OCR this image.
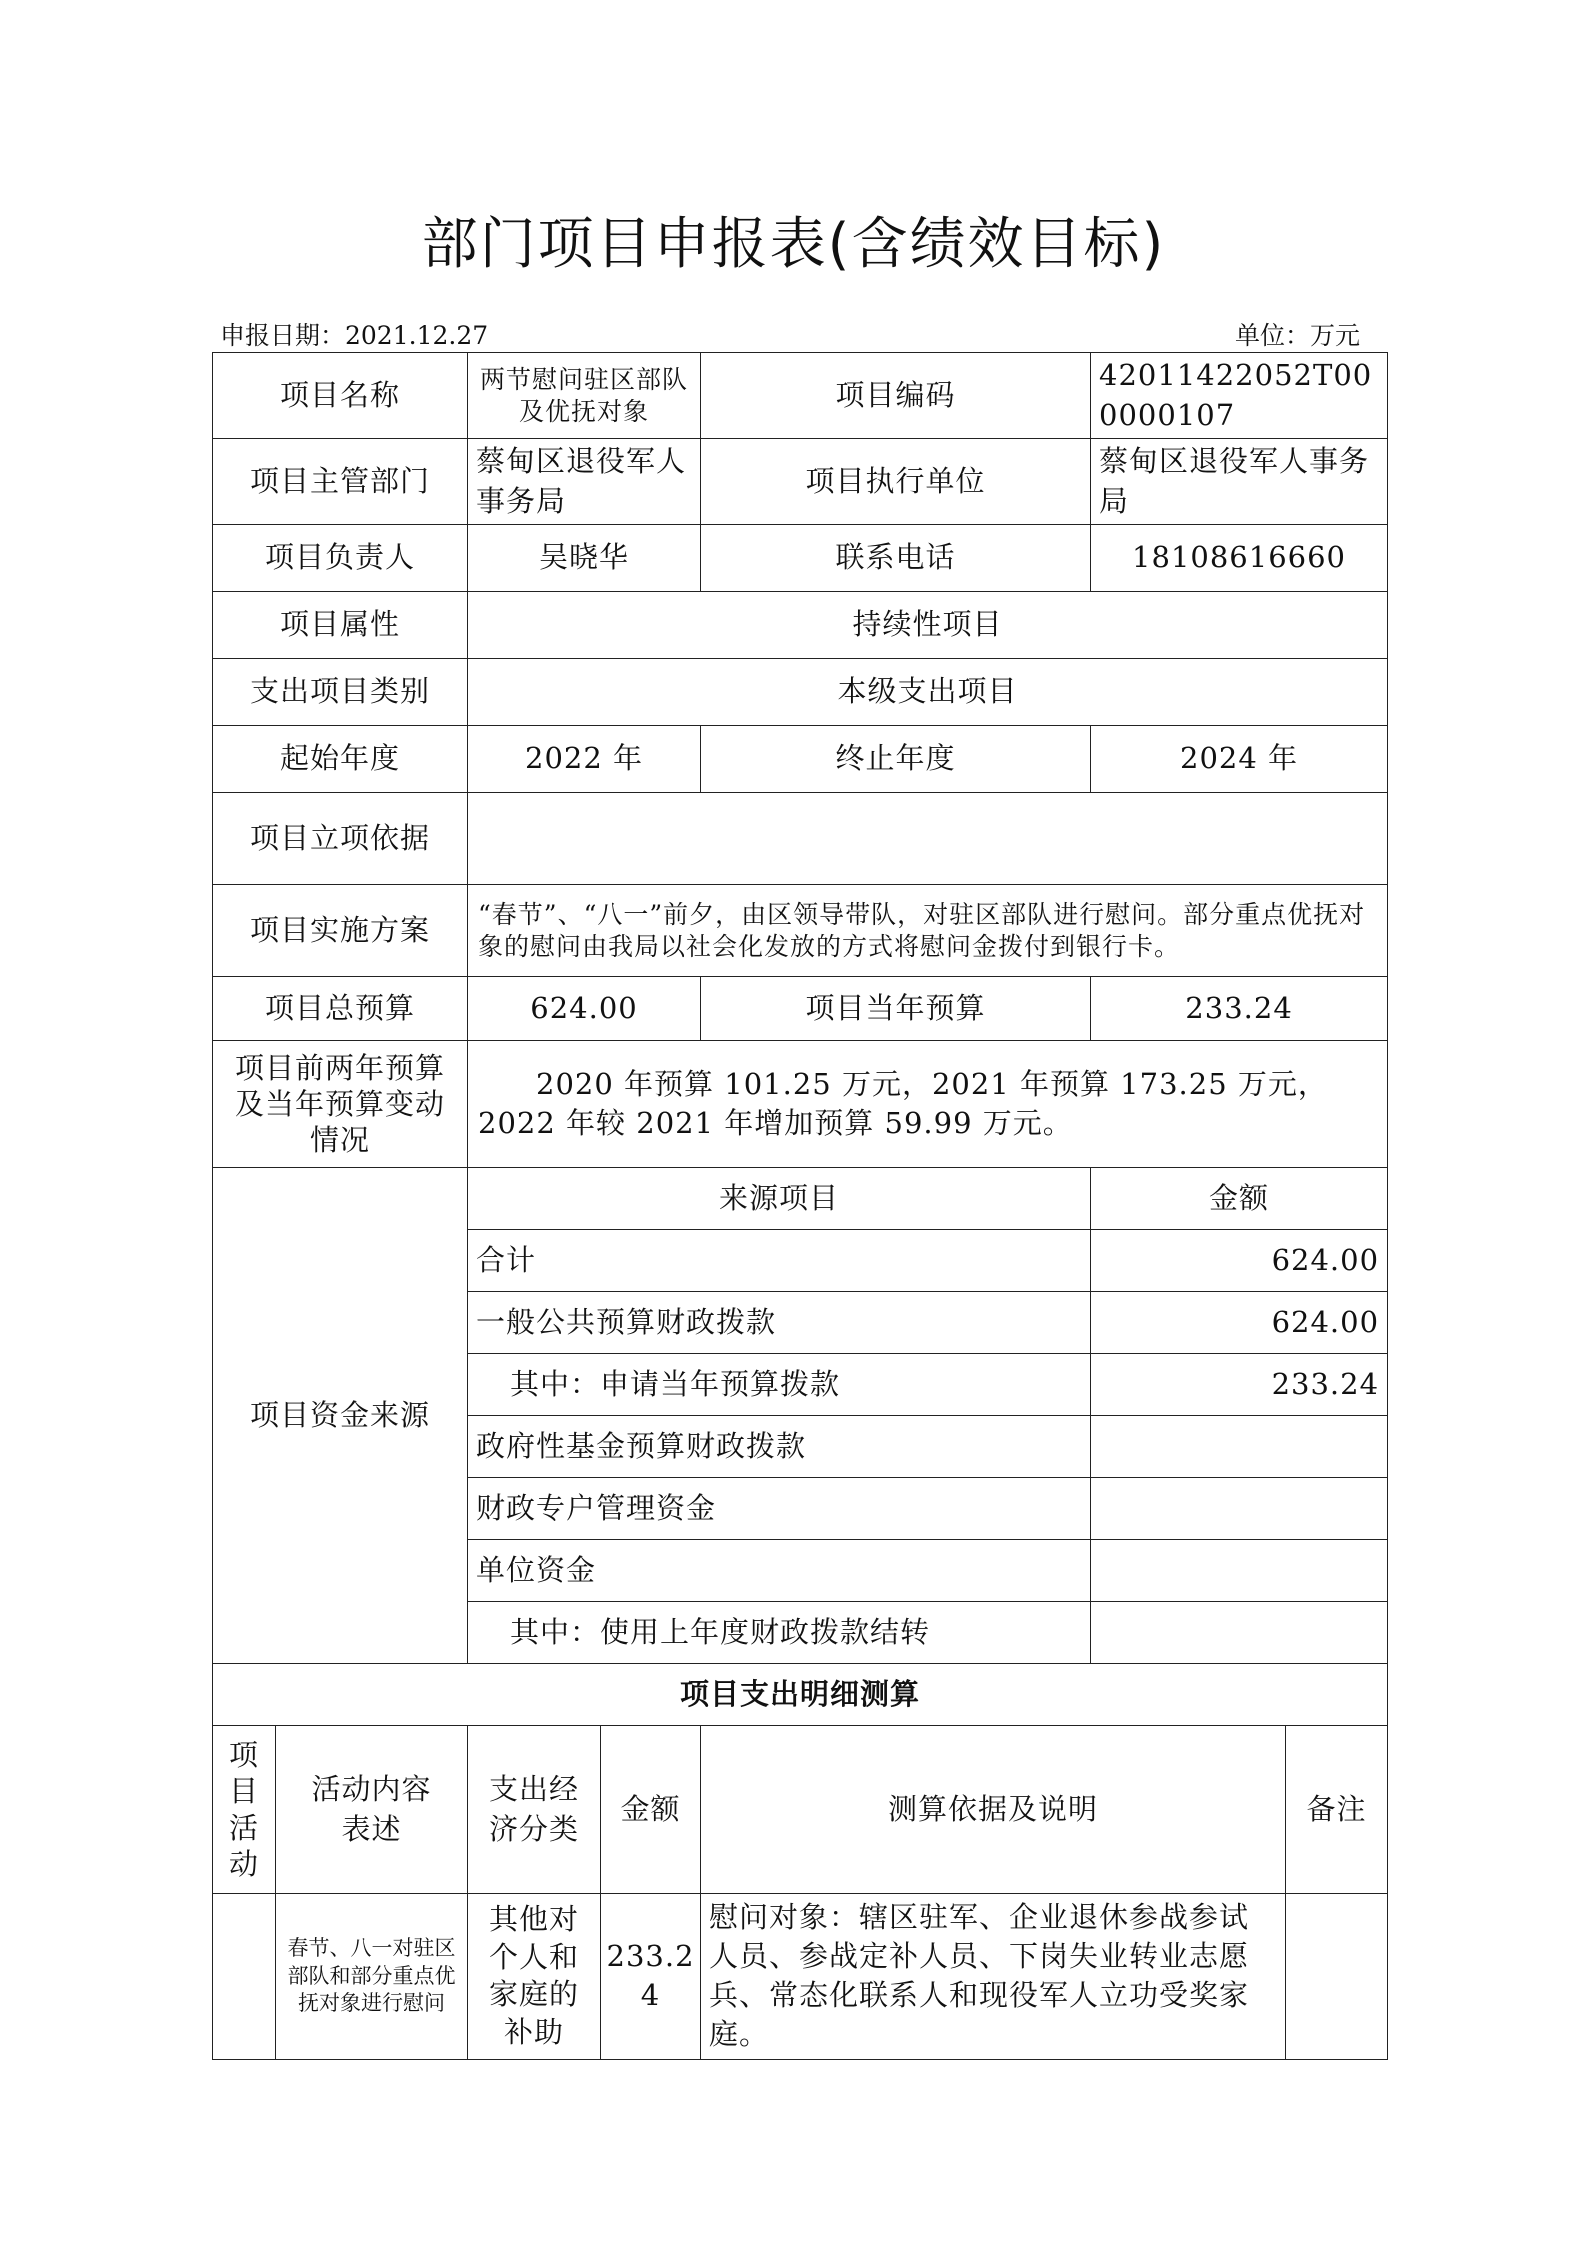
部门项目申报表(含绩效目标)
申报日期：2021.12.27	单位：万元
项目名称		两节慰问驻区部队及优抚对象		项目编码	42011422052T000000107	
项目主管部门		蔡甸区退役军人事务局		项目执行单位	蔡甸区退役军人事务局	
项目负责人		吴晓华		联系电话	18108616660	
项目属性		持续性项目				
支出项目类别		本级支出项目				
起始年度		2022 年		终止年度	2024 年	
项目立项依据						
项目实施方案		“春节”、“八一”前夕，由区领导带队，对驻区部队进行慰问。部分重点优抚对象的慰问由我局以社会化发放的方式将慰问金拨付到银行卡。				
项目总预算		624.00		项目当年预算	233.24	
项目前两年预算及当年预算变动情况		2020 年预算 101.25 万元，2021 年预算 173.25 万元，2022 年较 2021 年增加预算 59.99 万元。				
项目资金来源		来源项目			金额	
		合计			624.00	
		一般公共预算财政拨款			624.00	
		其中：申请当年预算拨款			233.24	
		政府性基金预算财政拨款				
		财政专户管理资金				
		单位资金				
		其中：使用上年度财政拨款结转				
项目支出明细测算						
项目活动	活动内容表述	支出经济分类	金额	测算依据及说明		备注
	春节、八一对驻区部队和部分重点优抚对象进行慰问	其他对个人和家庭的补助	233.24	慰问对象：辖区驻军、企业退休参战参试人员、参战定补人员、下岗失业转业志愿兵、常态化联系人和现役军人立功受奖家庭。		
